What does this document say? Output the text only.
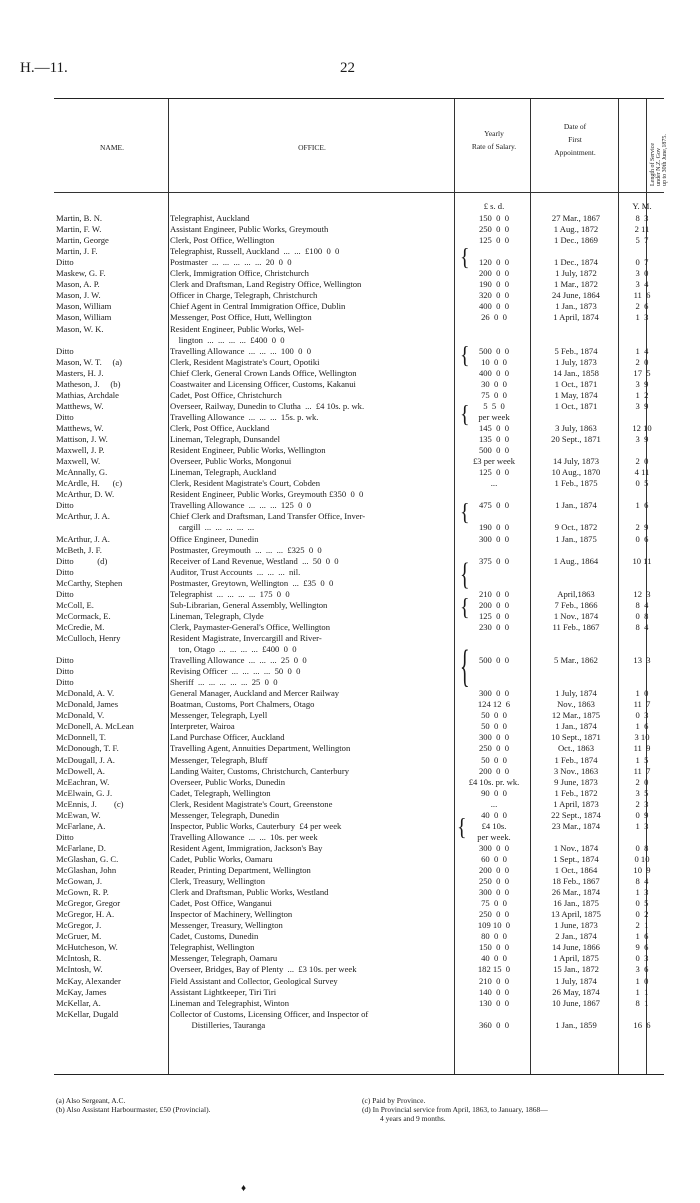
H.—11.	22
NAME.	OFFICE.
Yearly
Rate of Salary.
Date of
First
Appointment.	Length of Service under N.Z. Gov up to 30th June,1875.
£ s. d.	Y. M.
Martin, B. N.	Telegraphist, Auckland	150  0  0	27 Mar., 1867	8  3
Martin, F. W.	Assistant Engineer, Public Works, Greymouth	250  0  0	1 Aug., 1872	2 11
Martin, George	Clerk, Post Office, Wellington	125  0  0	1 Dec., 1869	5  7
Martin, J. F.	Telegraphist, Russell, Auckland  ...  ...  £100  0  0
Ditto	Postmaster  ...  ...  ...  ...  ...  20  0  0	120  0  0	1 Dec., 1874	0  7
Maskew, G. F.	Clerk, Immigration Office, Christchurch	200  0  0	1 July, 1872	3  0
Mason, A. P.	Clerk and Draftsman, Land Registry Office, Wellington	190  0  0	1 Mar., 1872	3  4
Mason, J. W.	Officer in Charge, Telegraph, Christchurch	320  0  0	24 June, 1864	11  6
Mason, William	Chief Agent in Central Immigration Office, Dublin	400  0  0	1 Jan., 1873	2  6
Mason, William	Messenger, Post Office, Hutt, Wellington	26  0  0	1 April, 1874	1  3
Mason, W. K.	Resident Engineer, Public Works, Wel-
lington  ...  ...  ...  ...  £400  0  0
Ditto	Travelling Allowance  ...  ...  ...  100  0  0	500  0  0	5 Feb., 1874	1  4
Mason, W. T.     (a)	Clerk, Resident Magistrate's Court, Opotiki	10  0  0	1 July, 1873	2  0
Masters, H. J.	Chief Clerk, General Crown Lands Office, Wellington	400  0  0	14 Jan., 1858	17  5
Matheson, J.     (b)	Coastwaiter and Licensing Officer, Customs, Kakanui	30  0  0	1 Oct., 1871	3  9
Mathias, Archdale	Cadet, Post Office, Christchurch	75  0  0	1 May, 1874	1  2
Matthews, W.	Overseer, Railway, Dunedin to Clutha  ...  £4 10s. p. wk.	5  5  0	1 Oct., 1871	3  9
Ditto	Travelling Allowance  ...  ...  ...  15s. p. wk.	per week
Matthews, W.	Clerk, Post Office, Auckland	145  0  0	3 July, 1863	12 10
Mattison, J. W.	Lineman, Telegraph, Dunsandel	135  0  0	20 Sept., 1871	3  9
Maxwell, J. P.	Resident Engineer, Public Works, Wellington	500  0  0
Maxwell, W.	Overseer, Public Works, Mongonui	£3 per week	14 July, 1873	2  0
McAnnally, G.	Lineman, Telegraph, Auckland	125  0  0	10 Aug., 1870	4 11
McArdle, H.      (c)	Clerk, Resident Magistrate's Court, Cobden	...	1 Feb., 1875	0  5
McArthur, D. W.	Resident Engineer, Public Works, Greymouth £350  0  0
Ditto	Travelling Allowance  ...  ...  ...  125  0  0	475  0  0	1 Jan., 1874	1  6
McArthur, J. A.	Chief Clerk and Draftsman, Land Transfer Office, Inver-
cargill  ...  ...  ...  ...  ...	190  0  0	9 Oct., 1872	2  9
McArthur, J. A.	Office Engineer, Dunedin	300  0  0	1 Jan., 1875	0  6
McBeth, J. F.	Postmaster, Greymouth  ...  ...  ...  £325  0  0
Ditto           (d)	Receiver of Land Revenue, Westland  ...  50  0  0	375  0  0	1 Aug., 1864	10 11
Ditto	Auditor, Trust Accounts  ...  ...  ...  nil.
McCarthy, Stephen	Postmaster, Greytown, Wellington  ...  £35  0  0
Ditto	Telegraphist  ...  ...  ...  ...  175  0  0	210  0  0	April,1863	12  3
McColl, E.	Sub-Librarian, General Assembly, Wellington	200  0  0	7 Feb., 1866	8  4
McCormack, E.	Lineman, Telegraph, Clyde	125  0  0	1 Nov., 1874	0  8
McCredie, M.	Clerk, Paymaster-General's Office, Wellington	230  0  0	11 Feb., 1867	8  4
McCulloch, Henry	Resident Magistrate, Invercargill and River-
ton, Otago  ...  ...  ...  ...  £400  0  0
Ditto	Travelling Allowance  ...  ...  ...  25  0  0	500  0  0	5 Mar., 1862	13  3
Ditto	Revising Officer  ...  ...  ...  ...  50  0  0
Ditto	Sheriff  ...  ...  ...  ...  ...  25  0  0
McDonald, A. V.	General Manager, Auckland and Mercer Railway	300  0  0	1 July, 1874	1  0
McDonald, James	Boatman, Customs, Port Chalmers, Otago	124 12  6	Nov., 1863	11  7
McDonald, V.	Messenger, Telegraph, Lyell	50  0  0	12 Mar., 1875	0  3
McDonell, A. McLean	Interpreter, Wairoa	50  0  0	1 Jan., 1874	1  6
McDonnell, T.	Land Purchase Officer, Auckland	300  0  0	10 Sept., 1871	3 10
McDonough, T. F.	Travelling Agent, Annuities Department, Wellington	250  0  0	Oct., 1863	11  9
McDougall, J. A.	Messenger, Telegraph, Bluff	50  0  0	1 Feb., 1874	1  5
McDowell, A.	Landing Waiter, Customs, Christchurch, Canterbury	200  0  0	3 Nov., 1863	11  7
McEachran, W.	Overseer, Public Works, Dunedin	£4 10s. pr. wk.	9 June, 1873	2  0
McElwain, G. J.	Cadet, Telegraph, Wellington	90  0  0	1 Feb., 1872	3  5
McEnnis, J.        (c)	Clerk, Resident Magistrate's Court, Greenstone	...	1 April, 1873	2  3
McEwan, W.	Messenger, Telegraph, Dunedin	40  0  0	22 Sept., 1874	0  9
McFarlane, A.	Inspector, Public Works, Cauterbury  £4 per week	£4 10s.	23 Mar., 1874	1  3
Ditto	Travelling Allowance  ...  ...  10s. per week	per week.
McFarlane, D.	Resident Agent, Immigration, Jackson's Bay	300  0  0	1 Nov., 1874	0  8
McGlashan, G. C.	Cadet, Public Works, Oamaru	60  0  0	1 Sept., 1874	0 10
McGlashan, John	Reader, Printing Department, Wellington	200  0  0	1 Oct., 1864	10  9
McGowan, J.	Clerk, Treasury, Wellington	250  0  0	18 Feb., 1867	8  4
McGown, R. P.	Clerk and Draftsman, Public Works, Westland	300  0  0	26 Mar., 1874	1  3
McGregor, Gregor	Cadet, Post Office, Wanganui	75  0  0	16 Jan., 1875	0  5
McGregor, H. A.	Inspector of Machinery, Wellington	250  0  0	13 April, 1875	0  2
McGregor, J.	Messenger, Treasury, Wellington	109 10  0	1 June, 1873	2  1
McGruer, M.	Cadet, Customs, Dunedin	80  0  0	2 Jan., 1874	1  6
McHutcheson, W.	Telegraphist, Wellington	150  0  0	14 June, 1866	9  6
McIntosh, R.	Messenger, Telegraph, Oamaru	40  0  0	1 April, 1875	0  3
McIntosh, W.	Overseer, Bridges, Bay of Plenty  ...  £3 10s. per week	182 15  0	15 Jan., 1872	3  6
McKay, Alexander	Field Assistant and Collector, Geological Survey	210  0  0	1 July, 1874	1  0
McKay, James	Assistant Lightkeeper, Tiri Tiri	140  0  0	26 May, 1874	1  1
McKellar, A.	Lineman and Telegraphist, Winton	130  0  0	10 June, 1867	8  1
McKellar, Dugald	Collector of Customs, Licensing Officer, and Inspector of
Distilleries, Tauranga	360  0  0	1 Jan., 1859	16  6
{
{
{
{
{
{
{
{
(a) Also Sergeant, A.C.
(b) Also Assistant Harbourmaster, £50 (Provincial).
(c) Paid by Province.
(d) In Provincial service from April, 1863, to January, 1868—
4 years and 9 months.
♦
